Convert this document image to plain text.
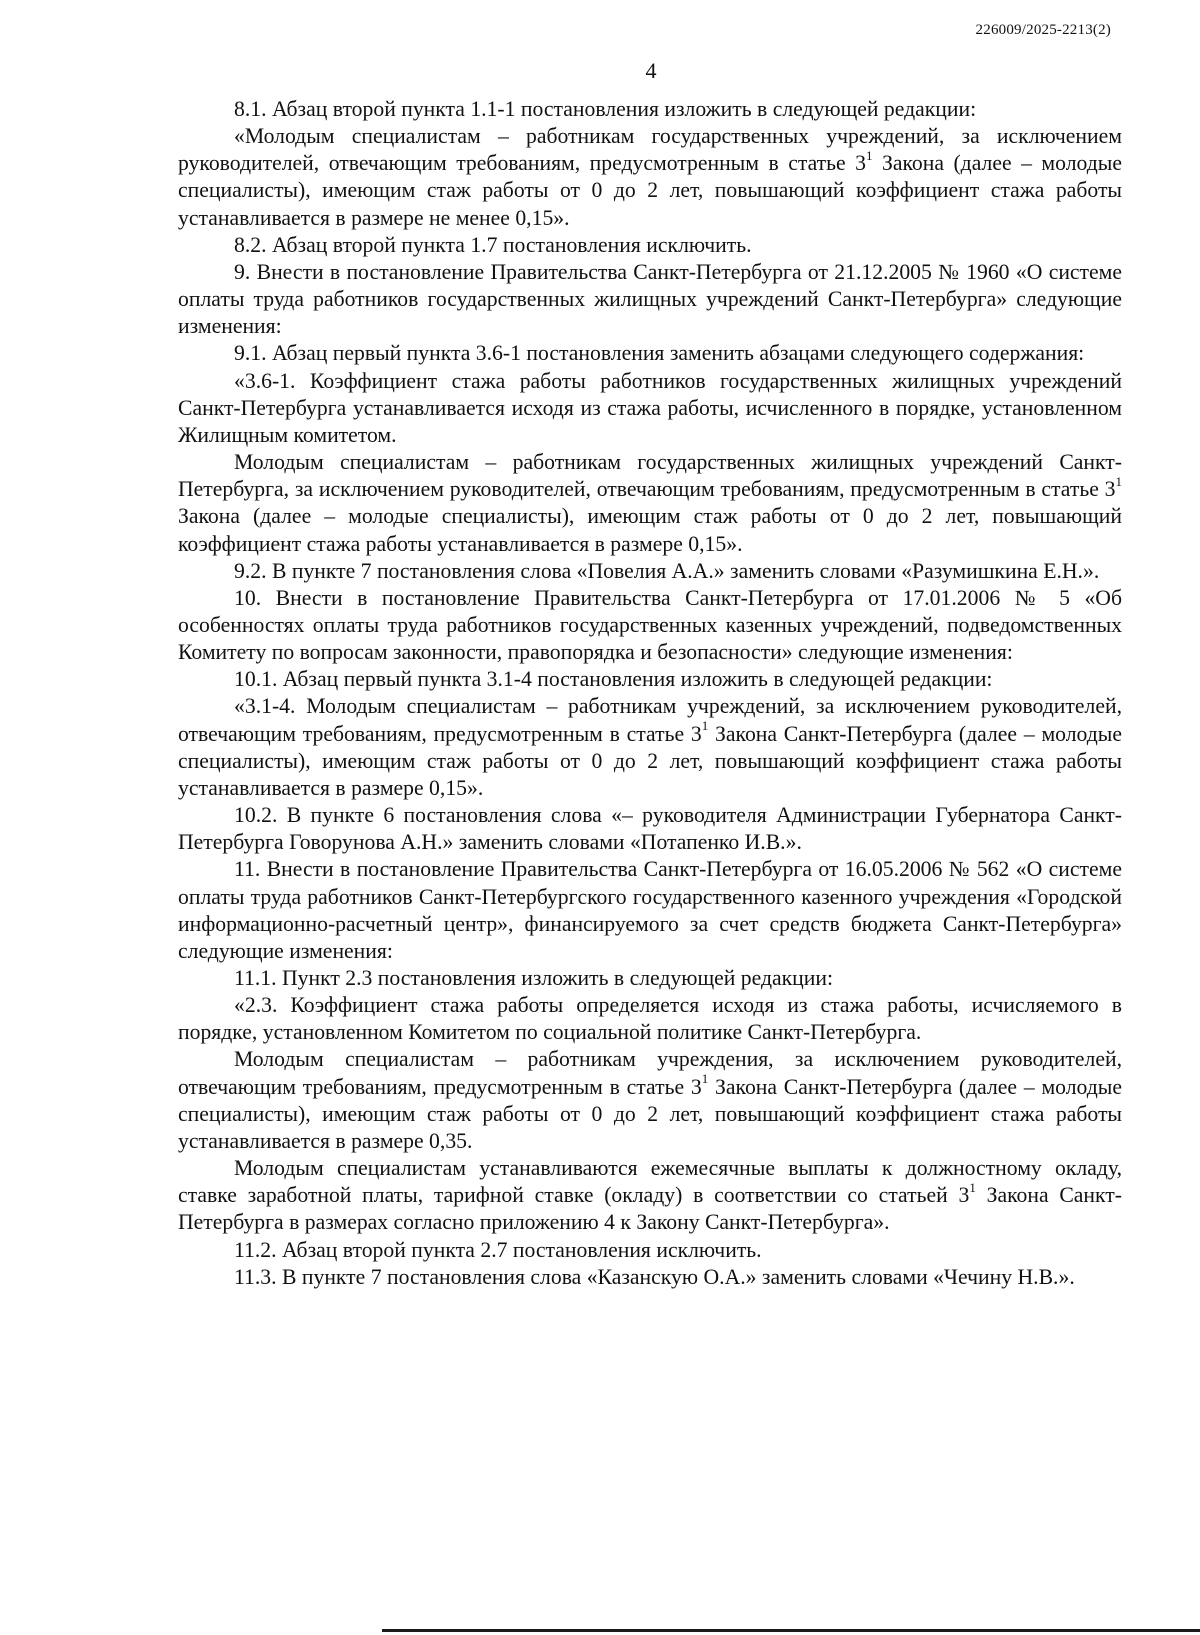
226009/2025-2213(2)
4

8.1. Абзац второй пункта 1.1-1 постановления изложить в следующей редакции:

«Молодым специалистам – работникам государственных учреждений, за исключением руководителей, отвечающим требованиям, предусмотренным в статье $3^1$ Закона (далее – молодые специалисты), имеющим стаж работы от 0 до 2 лет, повышающий коэффициент стажа работы устанавливается в размере не менее 0,15».

8.2. Абзац второй пункта 1.7 постановления исключить.

9. Внести в постановление Правительства Санкт-Петербурга от 21.12.2005 № 1960 «О системе оплаты труда работников государственных жилищных учреждений Санкт-Петербурга» следующие изменения:

9.1. Абзац первый пункта 3.6-1 постановления заменить абзацами следующего содержания:

«3.6-1. Коэффициент стажа работы работников государственных жилищных учреждений Санкт-Петербурга устанавливается исходя из стажа работы, исчисленного в порядке, установленном Жилищным комитетом.

Молодым специалистам – работникам государственных жилищных учреждений Санкт-Петербурга, за исключением руководителей, отвечающим требованиям, предусмотренным в статье $3^1$ Закона (далее – молодые специалисты), имеющим стаж работы от 0 до 2 лет, повышающий коэффициент стажа работы устанавливается в размере 0,15».

9.2. В пункте 7 постановления слова «Повелия А.А.» заменить словами «Разумишкина Е.Н.».

10. Внести в постановление Правительства Санкт-Петербурга от 17.01.2006 № 5 «Об особенностях оплаты труда работников государственных казенных учреждений, подведомственных Комитету по вопросам законности, правопорядка и безопасности» следующие изменения:

10.1. Абзац первый пункта 3.1-4 постановления изложить в следующей редакции:

«3.1-4. Молодым специалистам – работникам учреждений, за исключением руководителей, отвечающим требованиям, предусмотренным в статье $3^1$ Закона Санкт-Петербурга (далее – молодые специалисты), имеющим стаж работы от 0 до 2 лет, повышающий коэффициент стажа работы устанавливается в размере 0,15».

10.2. В пункте 6 постановления слова «– руководителя Администрации Губернатора Санкт-Петербурга Говорунова А.Н.» заменить словами «Потапенко И.В.».

11. Внести в постановление Правительства Санкт-Петербурга от 16.05.2006 № 562 «О системе оплаты труда работников Санкт-Петербургского государственного казенного учреждения «Городской информационно-расчетный центр», финансируемого за счет средств бюджета Санкт-Петербурга» следующие изменения:

11.1. Пункт 2.3 постановления изложить в следующей редакции:

«2.3. Коэффициент стажа работы определяется исходя из стажа работы, исчисляемого в порядке, установленном Комитетом по социальной политике Санкт-Петербурга.

Молодым специалистам – работникам учреждения, за исключением руководителей, отвечающим требованиям, предусмотренным в статье $3^1$ Закона Санкт-Петербурга (далее – молодые специалисты), имеющим стаж работы от 0 до 2 лет, повышающий коэффициент стажа работы устанавливается в размере 0,35.

Молодым специалистам устанавливаются ежемесячные выплаты к должностному окладу, ставке заработной платы, тарифной ставке (окладу) в соответствии со статьей $3^1$ Закона Санкт-Петербурга в размерах согласно приложению 4 к Закону Санкт-Петербурга».

11.2. Абзац второй пункта 2.7 постановления исключить.

11.3. В пункте 7 постановления слова «Казанскую О.А.» заменить словами «Чечину Н.В.».
